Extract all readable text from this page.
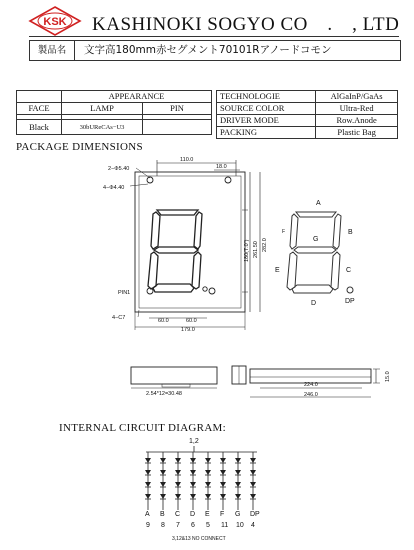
KSK KASHINOKI SOGYO CO　.　, LTD
製品名	文字高180mm赤セグメント70101Rアノードコモン
	APPEARANCE	
FACE	LAMP	PIN

Black	30bUReCAs−U3	
TECHNOLOGIE	AlGaInP/GaAs
SOURCE COLOR	Ultra-Red
DRIVER MODE	Row.Anode
PACKING	Plastic Bag
PACKAGE DIMENSIONS
2−Φ5.40
4−Φ4.40
110.0
18.0
PIN1
4−C7	60.0	60.0
179.0
180(7.0") 261.50 282.0
A
B
C
D
E
F
G
DP
2.54*12=30.48
224.0
246.0
15.0
INTERNAL CIRCUIT DIAGRAM:
1,2
A
9
B
8
C
7
D
6
E
5
F
11
G
10
DP
4
3,12&13 NO CONNECT
